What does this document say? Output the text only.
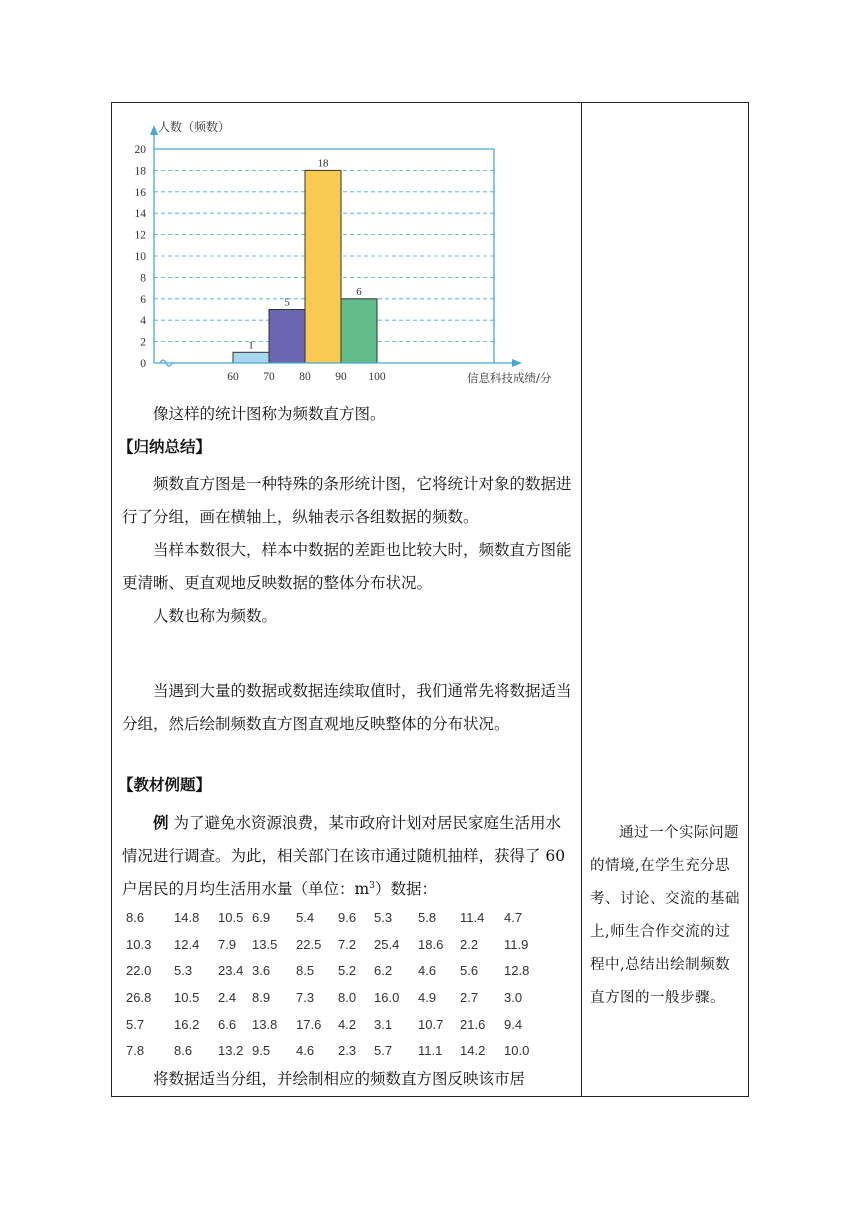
1
5
18
6
0
2
4
6
8
10
12
14
16
18
20
60 70 80 90 100
人数（频数）
信息科技成绩/分

像这样的统计图称为频数直方图。

【归纳总结】

频数直方图是一种特殊的条形统计图，它将统计对象的数据进行了分组，画在横轴上，纵轴表示各组数据的频数。

当样本数很大，样本中数据的差距也比较大时，频数直方图能更清晰、更直观地反映数据的整体分布状况。

人数也称为频数。

当遇到大量的数据或数据连续取值时，我们通常先将数据适当分组，然后绘制频数直方图直观地反映整体的分布状况。

【教材例题】

例 为了避免水资源浪费，某市政府计划对居民家庭生活用水情况进行调查。为此，相关部门在该市通过随机抽样，获得了 60 户居民的月均生活用水量（单位：$m^3$）数据：

8.6	14.8	10.5	6.9	5.4	9.6	5.3	5.8	11.4	4.7
10.3	12.4	7.9	13.5	22.5	7.2	25.4	18.6	2.2	11.9
22.0	5.3	23.4	3.6	8.5	5.2	6.2	4.6	5.6	12.8
26.8	10.5	2.4	8.9	7.3	8.0	16.0	4.9	2.7	3.0
5.7	16.2	6.6	13.8	17.6	4.2	3.1	10.7	21.6	9.4
7.8	8.6	13.2	9.5	4.6	2.3	5.7	11.1	14.2	10.0

将数据适当分组，并绘制相应的频数直方图反映该市居

通过一个实际问题的情境,在学生充分思考、讨论、交流的基础上,师生合作交流的过程中,总结出绘制频数直方图的一般步骤。
